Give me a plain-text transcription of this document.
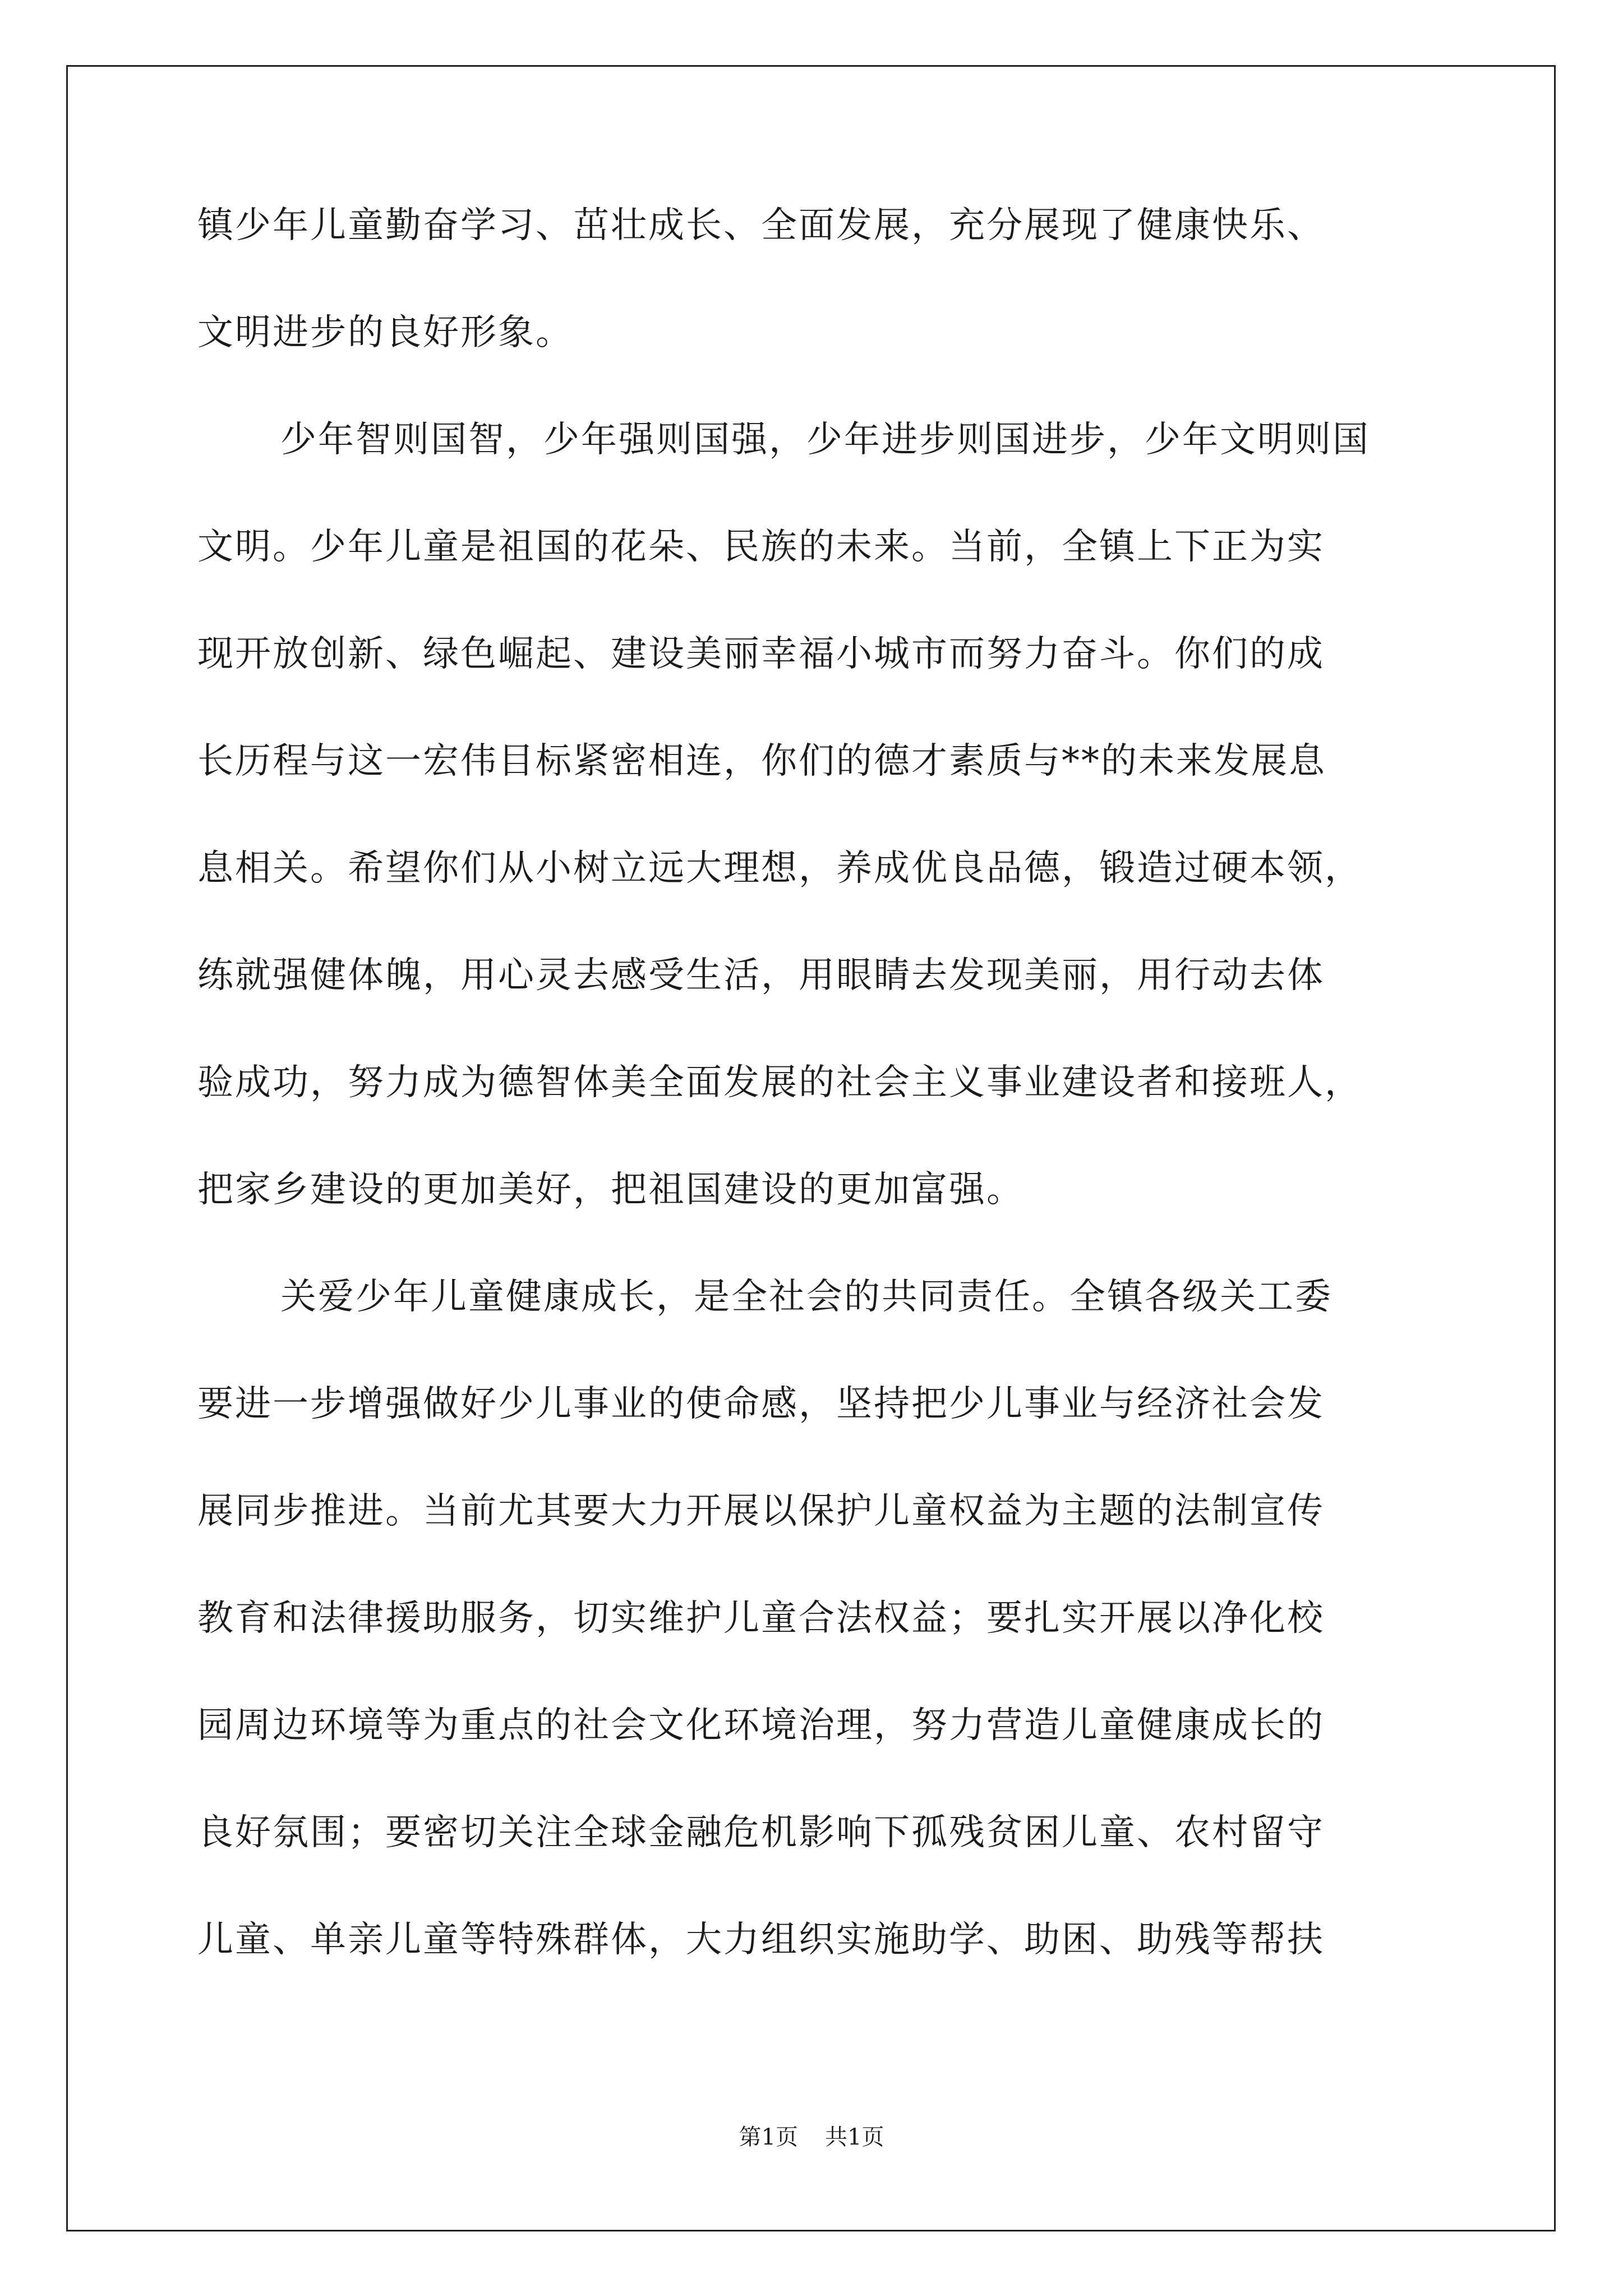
镇少年儿童勤奋学习、茁壮成长、全面发展，充分展现了健康快乐、
文明进步的良好形象。
少年智则国智，少年强则国强，少年进步则国进步，少年文明则国
文明。少年儿童是祖国的花朵、民族的未来。当前，全镇上下正为实
现开放创新、绿色崛起、建设美丽幸福小城市而努力奋斗。你们的成
长历程与这一宏伟目标紧密相连，你们的德才素质与**的未来发展息
息相关。希望你们从小树立远大理想，养成优良品德，锻造过硬本领，
练就强健体魄，用心灵去感受生活，用眼睛去发现美丽，用行动去体
验成功，努力成为德智体美全面发展的社会主义事业建设者和接班人，
把家乡建设的更加美好，把祖国建设的更加富强。
关爱少年儿童健康成长，是全社会的共同责任。全镇各级关工委
要进一步增强做好少儿事业的使命感，坚持把少儿事业与经济社会发
展同步推进。当前尤其要大力开展以保护儿童权益为主题的法制宣传
教育和法律援助服务，切实维护儿童合法权益；要扎实开展以净化校
园周边环境等为重点的社会文化环境治理，努力营造儿童健康成长的
良好氛围；要密切关注全球金融危机影响下孤残贫困儿童、农村留守
儿童、单亲儿童等特殊群体，大力组织实施助学、助困、助残等帮扶
第1页 共1页
